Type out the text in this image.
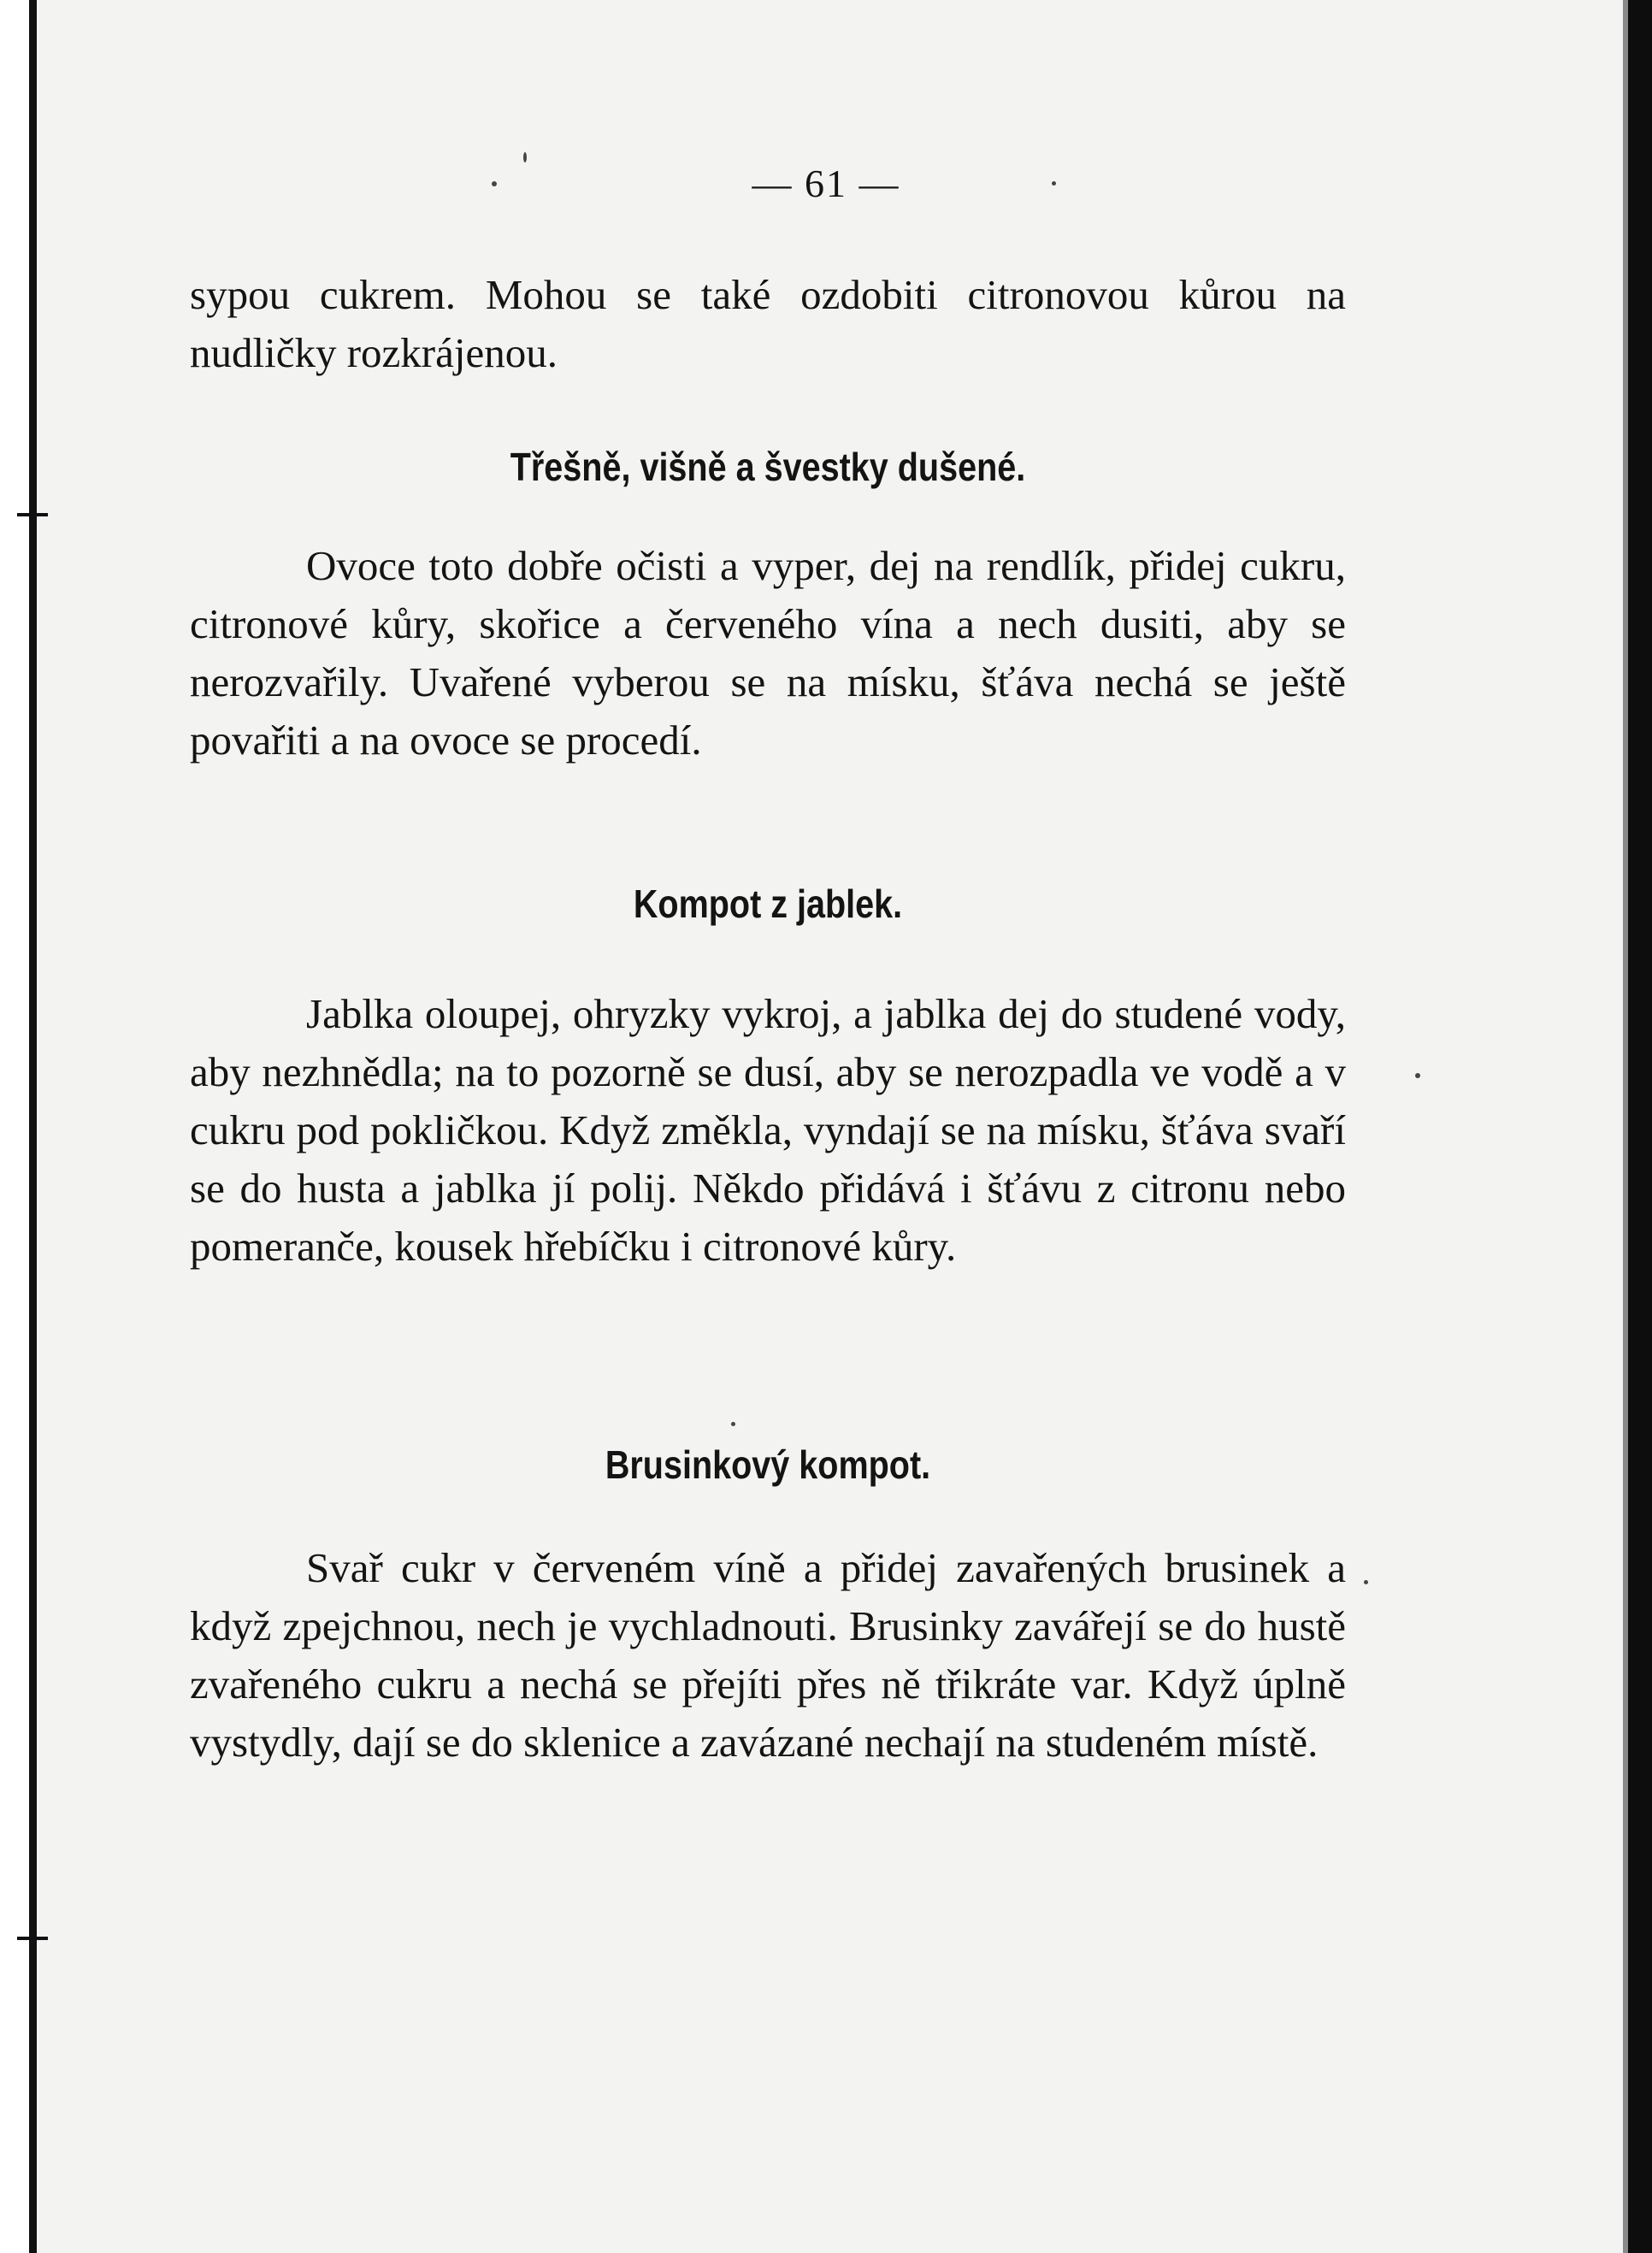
— 61 —

sypou cukrem. Mohou se také ozdobiti citronovou kůrou na nudličky rozkrájenou.

Třešně, višně a švestky dušené.

Ovoce toto dobře očisti a vyper, dej na rendlík, přidej cukru, citronové kůry, skořice a červeného vína a nech dusiti, aby se nerozvařily. Uvařené vyberou se na mísku, šťáva nechá se ještě povařiti a na ovoce se procedí.

Kompot z jablek.

Jablka oloupej, ohryzky vykroj, a jablka dej do studené vody, aby nezhnědla; na to pozorně se dusí, aby se nerozpadla ve vodě a v cukru pod pokličkou. Když změkla, vyndají se na mísku, šťáva svaří se do husta a jablka jí polij. Někdo přidává i šťávu z citronu nebo pomeranče, kousek hřebíčku i citronové kůry.

Brusinkový kompot.

Svař cukr v červeném víně a přidej zavařených brusinek a když zpejchnou, nech je vychladnouti. Brusinky zavářejí se do hustě zvařeného cukru a nechá se přejíti přes ně třikráte var. Když úplně vystydly, dají se do sklenice a zavázané nechají na studeném místě.
